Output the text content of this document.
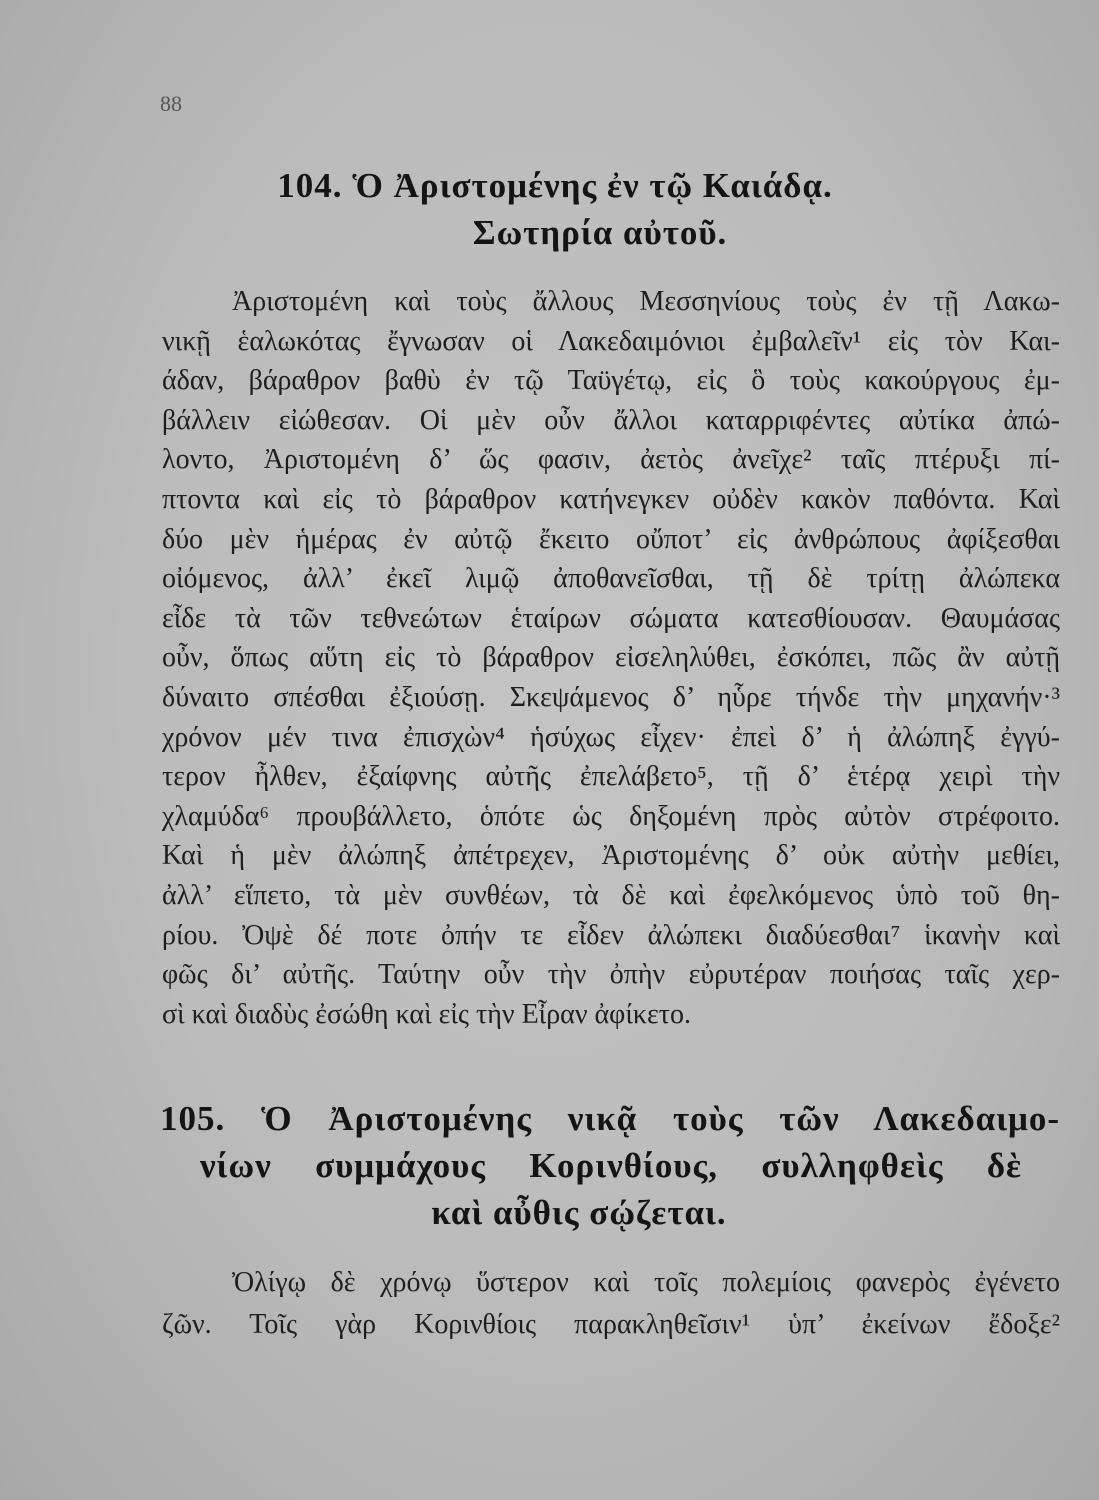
88
104. Ὁ Ἀριστομένης ἐν τῷ Καιάδᾳ.
Σωτηρία αὐτοῦ.
Ἀριστομένη καὶ τοὺς ἄλλους Μεσσηνίους τοὺς ἐν τῇ Λακω-
νικῇ ἑαλωκότας ἔγνωσαν οἱ Λακεδαιμόνιοι ἐμβαλεῖν¹ εἰς τὸν Και-
άδαν, βάραθρον βαθὺ ἐν τῷ Ταϋγέτῳ, εἰς ὃ τοὺς κακούργους ἐμ-
βάλλειν εἰώθεσαν. Οἱ μὲν οὖν ἄλλοι καταρριφέντες αὐτίκα ἀπώ-
λοντο, Ἀριστομένη δ’ ὥς φασιν, ἀετὸς ἀνεῖχε² ταῖς πτέρυξι πί-
πτοντα καὶ εἰς τὸ βάραθρον κατήνεγκεν οὐδὲν κακὸν παθόντα. Καὶ
δύο μὲν ἡμέρας ἐν αὐτῷ ἔκειτο οὔποτ’ εἰς ἀνθρώπους ἀφίξεσθαι
οἰόμενος, ἀλλ’ ἐκεῖ λιμῷ ἀποθανεῖσθαι, τῇ δὲ τρίτῃ ἀλώπεκα
εἶδε τὰ τῶν τεθνεώτων ἑταίρων σώματα κατεσθίουσαν. Θαυμάσας
οὖν, ὅπως αὕτη εἰς τὸ βάραθρον εἰσεληλύθει, ἐσκόπει, πῶς ἂν αὐτῇ
δύναιτο σπέσθαι ἐξιούσῃ. Σκεψάμενος δ’ ηὗρε τήνδε τὴν μηχανήν·³
χρόνον μέν τινα ἐπισχὼν⁴ ἡσύχως εἶχεν· ἐπεὶ δ’ ἡ ἀλώπηξ ἐγγύ-
τερον ἦλθεν, ἐξαίφνης αὐτῆς ἐπελάβετο⁵, τῇ δ’ ἑτέρᾳ χειρὶ τὴν
χλαμύδα⁶ προυβάλλετο, ὁπότε ὡς δηξομένη πρὸς αὐτὸν στρέφοιτο.
Καὶ ἡ μὲν ἀλώπηξ ἀπέτρεχεν, Ἀριστομένης δ’ οὐκ αὐτὴν μεθίει,
ἀλλ’ εἵπετο, τὰ μὲν συνθέων, τὰ δὲ καὶ ἐφελκόμενος ὑπὸ τοῦ θη-
ρίου. Ὀψὲ δέ ποτε ὀπήν τε εἶδεν ἀλώπεκι διαδύεσθαι⁷ ἱκανὴν καὶ
φῶς δι’ αὐτῆς. Ταύτην οὖν τὴν ὀπὴν εὐρυτέραν ποιήσας ταῖς χερ-
σὶ καὶ διαδὺς ἐσώθη καὶ εἰς τὴν Εἶραν ἀφίκετο.
105. Ὁ Ἀριστομένης νικᾷ τοὺς τῶν Λακεδαιμο-
νίων συμμάχους Κορινθίους, συλληφθεὶς δὲ
καὶ αὖθις σῴζεται.
Ὀλίγῳ δὲ χρόνῳ ὕστερον καὶ τοῖς πολεμίοις φανερὸς ἐγένετο
ζῶν. Τοῖς γὰρ Κορινθίοις παρακληθεῖσιν¹ ὑπ’ ἐκείνων ἔδοξε²
